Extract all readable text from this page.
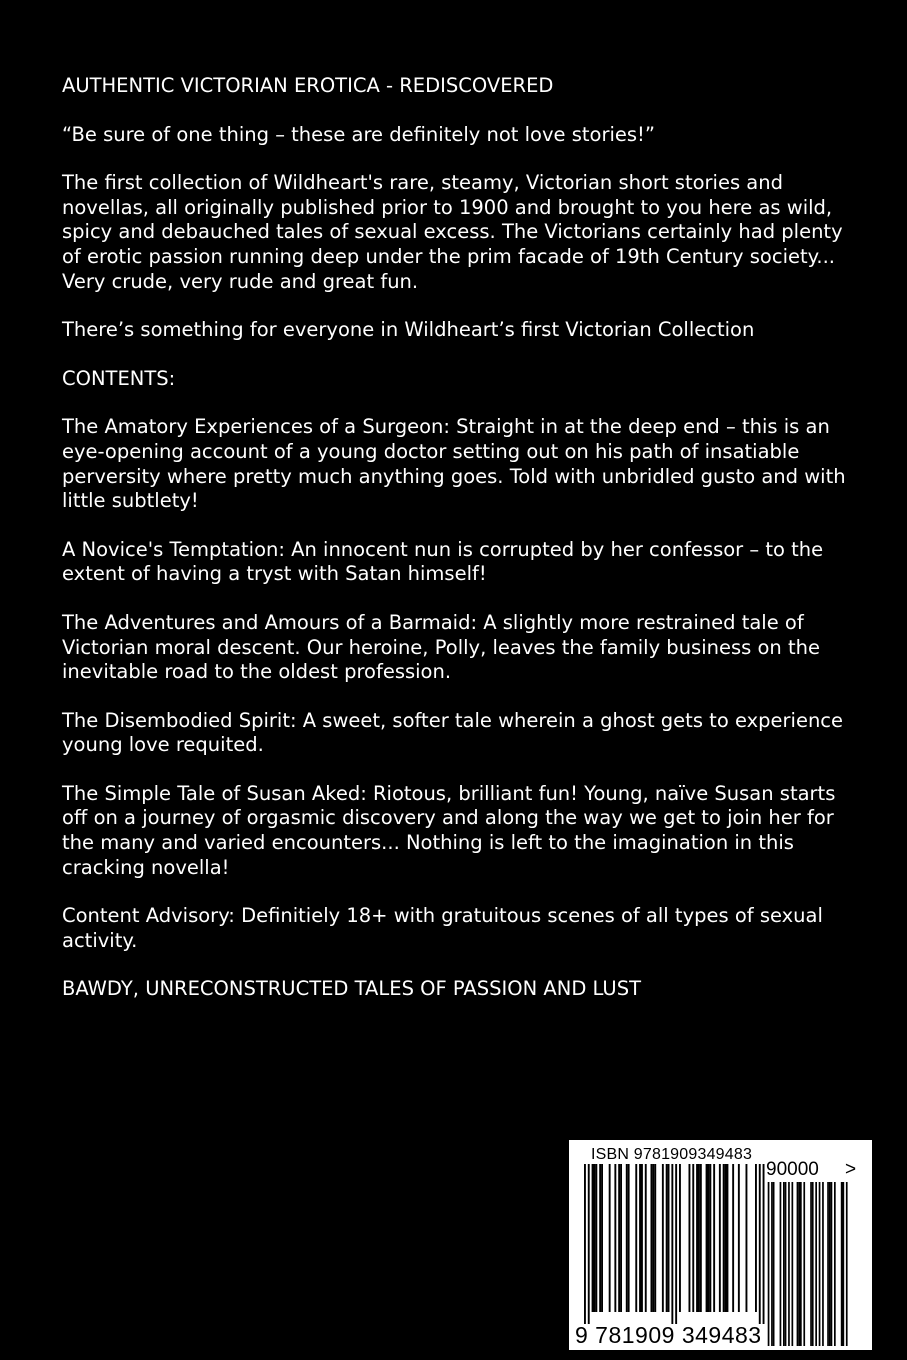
AUTHENTIC VICTORIAN EROTICA - REDISCOVERED

“Be sure of one thing – these are definitely not love stories!”

The first collection of Wildheart's rare, steamy, Victorian short stories and novellas, all originally published prior to 1900 and brought to you here as wild, spicy and debauched tales of sexual excess. The Victorians certainly had plenty of erotic passion running deep under the prim facade of 19th Century society... Very crude, very rude and great fun.

There’s something for everyone in Wildheart’s first Victorian Collection

CONTENTS:

The Amatory Experiences of a Surgeon: Straight in at the deep end – this is an eye-opening account of a young doctor setting out on his path of insatiable perversity where pretty much anything goes. Told with unbridled gusto and with little subtlety!

A Novice's Temptation: An innocent nun is corrupted by her confessor – to the extent of having a tryst with Satan himself!

The Adventures and Amours of a Barmaid: A slightly more restrained tale of Victorian moral descent. Our heroine, Polly, leaves the family business on the inevitable road to the oldest profession.

The Disembodied Spirit: A sweet, softer tale wherein a ghost gets to experience young love requited.

The Simple Tale of Susan Aked: Riotous, brilliant fun! Young, naïve Susan starts off on a journey of orgasmic discovery and along the way we get to join her for the many and varied encounters... Nothing is left to the imagination in this cracking novella!

Content Advisory: Definitiely 18+ with gratuitous scenes of all types of sexual activity.

BAWDY, UNRECONSTRUCTED TALES OF PASSION AND LUST

ISBN 9781909349483
90000 >
9 781909 349483
